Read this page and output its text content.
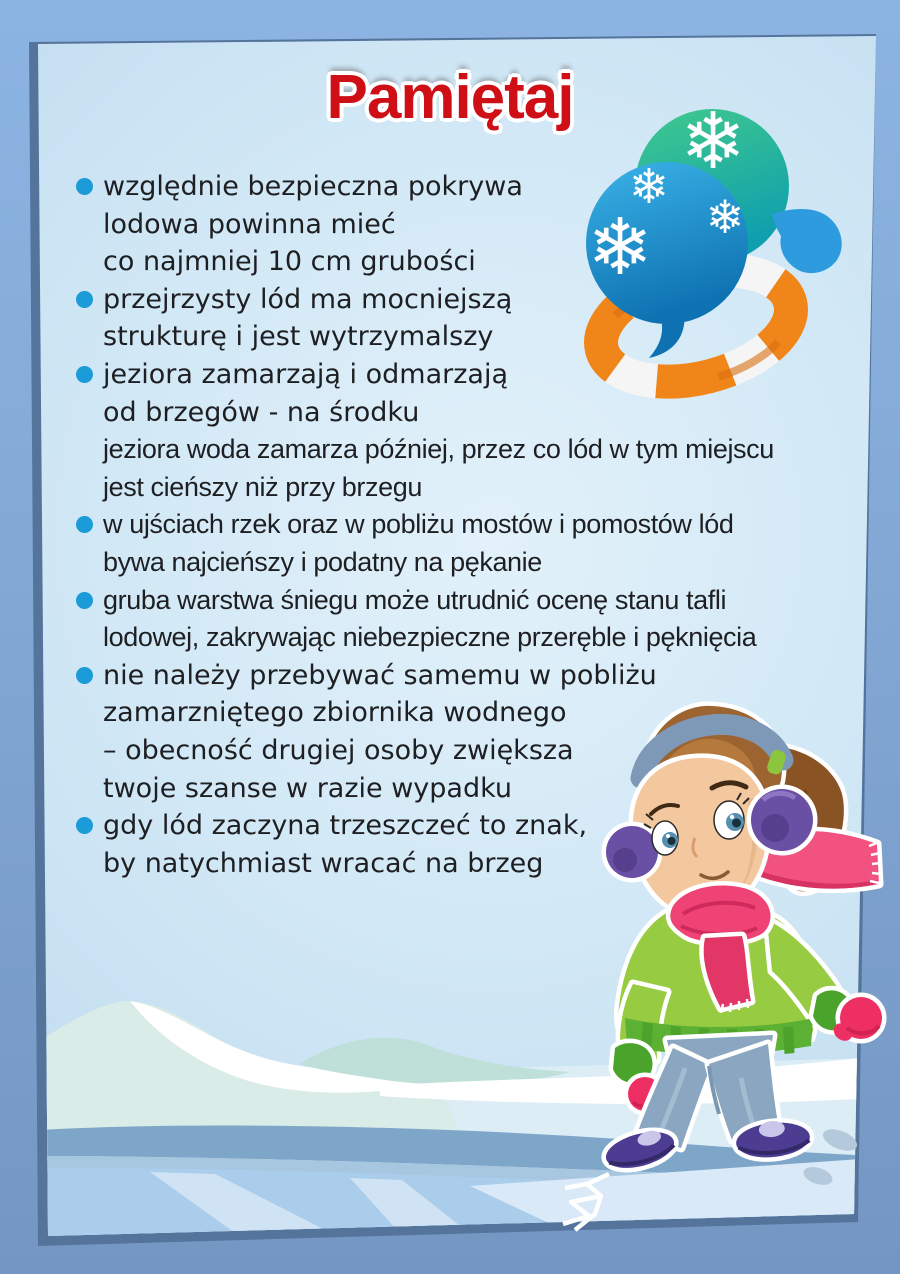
Pamiętaj
względnie bezpieczna pokrywa
lodowa powinna mieć
co najmniej 10 cm grubości
przejrzysty lód ma mocniejszą
strukturę i jest wytrzymalszy
jeziora zamarzają i odmarzają
od brzegów - na środku
jeziora woda zamarza później, przez co lód w tym miejscu
jest cieńszy niż przy brzegu
w ujściach rzek oraz w pobliżu mostów i pomostów lód
bywa najcieńszy i podatny na pękanie
gruba warstwa śniegu może utrudnić ocenę stanu tafli
lodowej, zakrywając niebezpieczne przeręble i pęknięcia
nie należy przebywać samemu w pobliżu
zamarzniętego zbiornika wodnego
– obecność drugiej osoby zwiększa
twoje szanse w razie wypadku
gdy lód zaczyna trzeszczeć to znak,
by natychmiast wracać na brzeg
❄
❄
❄
❄
